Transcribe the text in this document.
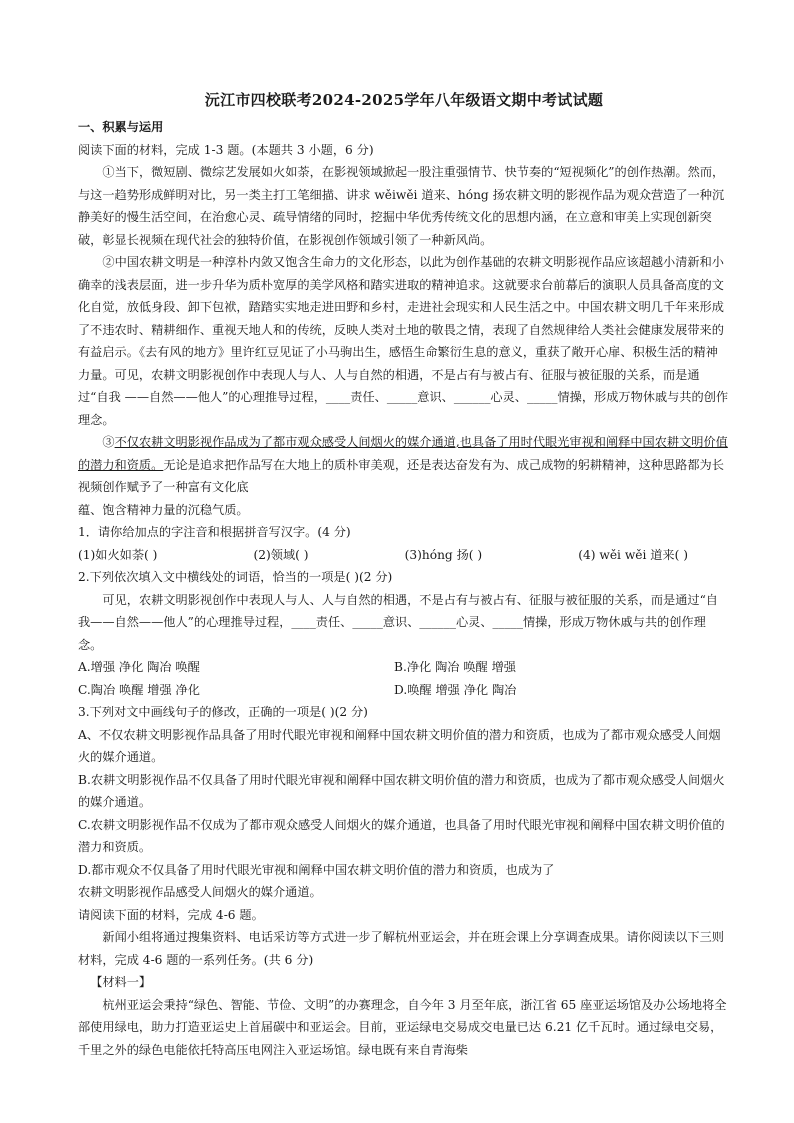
沅江市四校联考2024-2025学年八年级语文期中考试试题

一、积累与运用

阅读下面的材料，完成 1-3 题。(本题共 3 小题，6 分)

①当下，微短剧、微综艺发展如火如荼，在影视领域掀起一股注重强情节、快节奏的“短视频化”的创作热潮。然而，与这一趋势形成鲜明对比，另一类主打工笔细描、讲求 wěiwěi 道来、hóng 扬农耕文明的影视作品为观众营造了一种沉静美好的慢生活空间，在治愈心灵、疏导情绪的同时，挖掘中华优秀传统文化的思想内涵，在立意和审美上实现创新突破，彰显长视频在现代社会的独特价值，在影视创作领域引领了一种新风尚。

②中国农耕文明是一种淳朴内敛又饱含生命力的文化形态，以此为创作基础的农耕文明影视作品应该超越小清新和小确幸的浅表层面，进一步升华为质朴宽厚的美学风格和踏实进取的精神追求。这就要求台前幕后的演职人员具备高度的文化自觉，放低身段、卸下包袱，踏踏实实地走进田野和乡村，走进社会现实和人民生活之中。中国农耕文明几千年来形成了不违农时、精耕细作、重视天地人和的传统，反映人类对土地的敬畏之情，表现了自然规律给人类社会健康发展带来的有益启示。《去有风的地方》里许红豆见证了小马驹出生，感悟生命繁衍生息的意义，重获了敞开心扉、积极生活的精神力量。可见，农耕文明影视创作中表现人与人、人与自然的相遇，不是占有与被占有、征服与被征服的关系，而是通过“自我 ——自然——他人”的心理推导过程，____责任、_____意识、______心灵、_____情操，形成万物休戚与共的创作理念。

③不仅农耕文明影视作品成为了都市观众感受人间烟火的媒介通道,也具备了用时代眼光审视和阐释中国农耕文明价值的潜力和资质。无论是追求把作品写在大地上的质朴审美观，还是表达奋发有为、成己成物的躬耕精神，这种思路都为长视频创作赋予了一种富有文化底

蕴、饱含精神力量的沉稳气质。

1．请你给加点的字注音和根据拼音写汉字。(4 分)

(1)如火如荼( )	(2)领域( )	(3)hóng 扬( )	(4) wěi wěi 道来( )

2.下列依次填入文中横线处的词语，恰当的一项是( )(2 分)

可见，农耕文明影视创作中表现人与人、人与自然的相遇，不是占有与被占有、征服与被征服的关系，而是通过“自我——自然——他人”的心理推导过程，____责任、_____意识、______心灵、_____情操，形成万物休戚与共的创作理念。

A.增强 净化 陶冶 唤醒	B.净化 陶冶 唤醒 增强
C.陶冶 唤醒 增强 净化	D.唤醒 增强 净化 陶冶

3.下列对文中画线句子的修改，正确的一项是( )(2 分)

A、不仅农耕文明影视作品具备了用时代眼光审视和阐释中国农耕文明价值的潜力和资质，也成为了都市观众感受人间烟火的媒介通道。

B.农耕文明影视作品不仅具备了用时代眼光审视和阐释中国农耕文明价值的潜力和资质，也成为了都市观众感受人间烟火的媒介通道。

C.农耕文明影视作品不仅成为了都市观众感受人间烟火的媒介通道，也具备了用时代眼光审视和阐释中国农耕文明价值的潜力和资质。

D.都市观众不仅具备了用时代眼光审视和阐释中国农耕文明价值的潜力和资质，也成为了

农耕文明影视作品感受人间烟火的媒介通道。

请阅读下面的材料，完成 4-6 题。

新闻小组将通过搜集资料、电话采访等方式进一步了解杭州亚运会，并在班会课上分享调查成果。请你阅读以下三则材料，完成 4-6 题的一系列任务。(共 6 分)

【材料一】

杭州亚运会秉持“绿色、智能、节俭、文明”的办赛理念，自今年 3 月至年底，浙江省 65 座亚运场馆及办公场地将全部使用绿电，助力打造亚运史上首届碳中和亚运会。目前，亚运绿电交易成交电量已达 6.21 亿千瓦时。通过绿电交易，千里之外的绿色电能依托特高压电网注入亚运场馆。绿电既有来自青海柴
